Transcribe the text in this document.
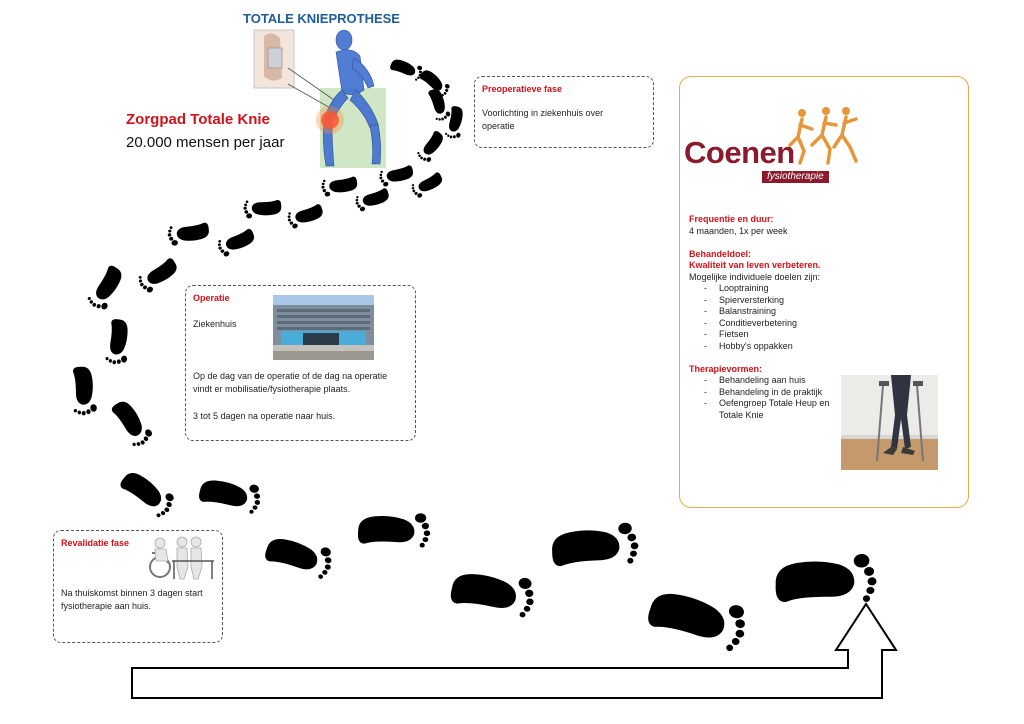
TOTALE KNIEPROTHESE
Zorgpad Totale Knie
20.000 mensen per jaar
Preoperatieve fase
Voorlichting in ziekenhuis over operatie
Operatie
Ziekenhuis
Op de dag van de operatie of de dag na operatie vindt er mobilisatie/fysiotherapie plaats.
3 tot 5 dagen na operatie naar huis.
Revalidatie fase
Na thuiskomst binnen 3 dagen start fysiotherapie aan huis.
Coenen
fysiotherapie
Frequentie en duur:
4 maanden, 1x per week
Behandeldoel:
Kwaliteit van leven verbeteren.
Mogelijke individuele doelen zijn:
- Looptraining
- Spierversterking
- Balanstraining
- Conditieverbetering
- Fietsen
- Hobby's oppakken
Therapievormen:
- Behandeling aan huis
- Behandeling in de praktijk
- Oefengroep Totale Heup en Totale Knie
